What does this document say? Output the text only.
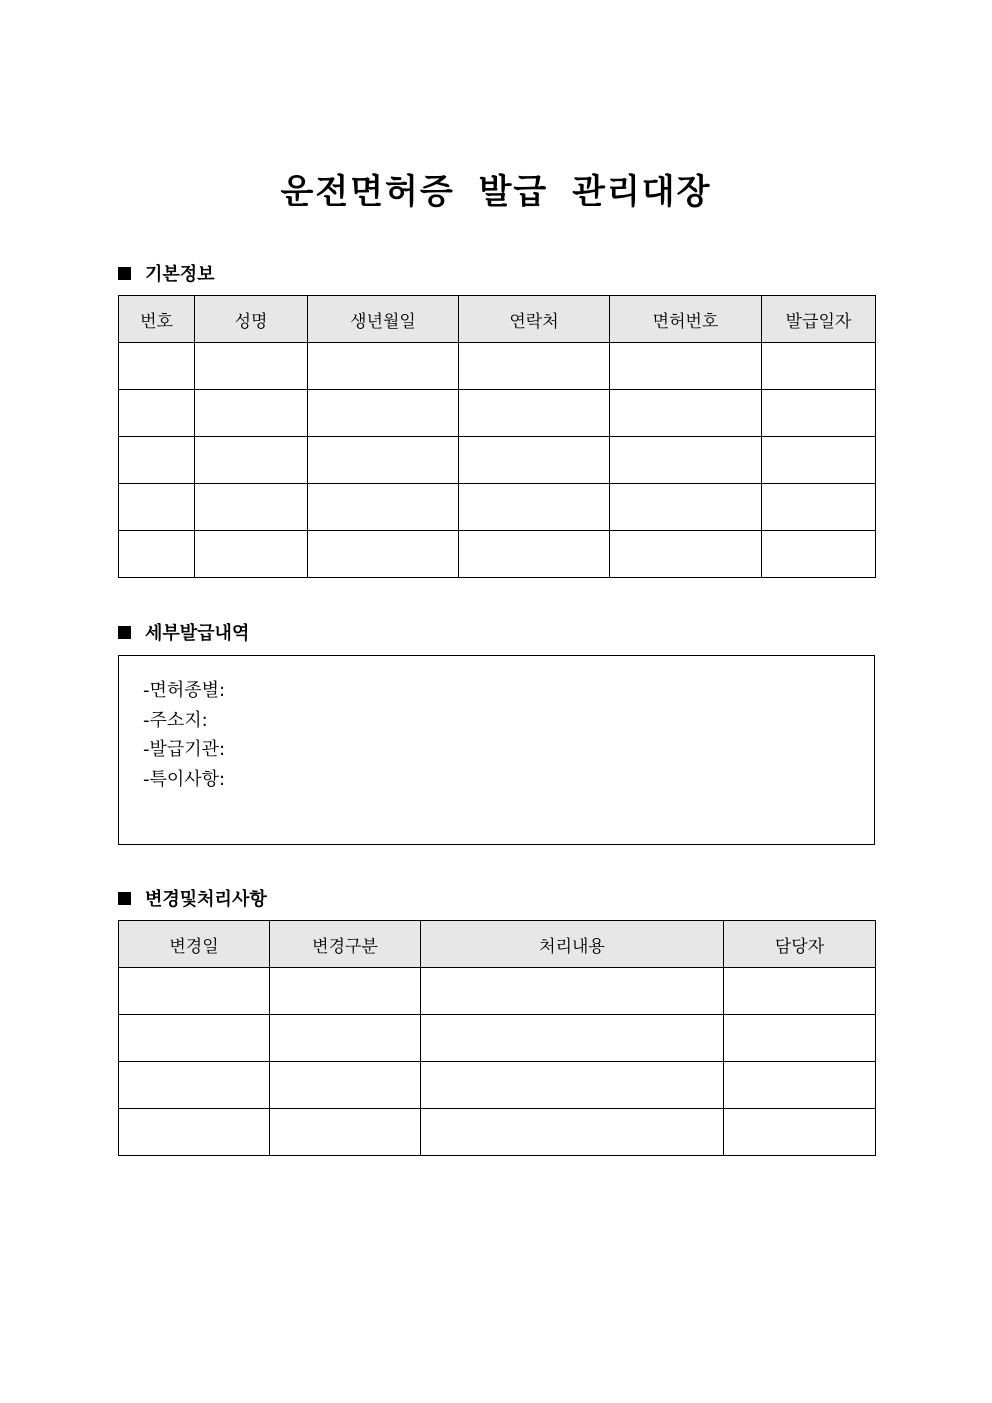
운전면허증 발급 관리대장
기본정보
번호	성명	생년월일	연락처	면허번호	발급일자

세부발급내역
-면허종별:
-주소지:
-발급기관:
-특이사항:
변경및처리사항
변경일	변경구분	처리내용	담당자
